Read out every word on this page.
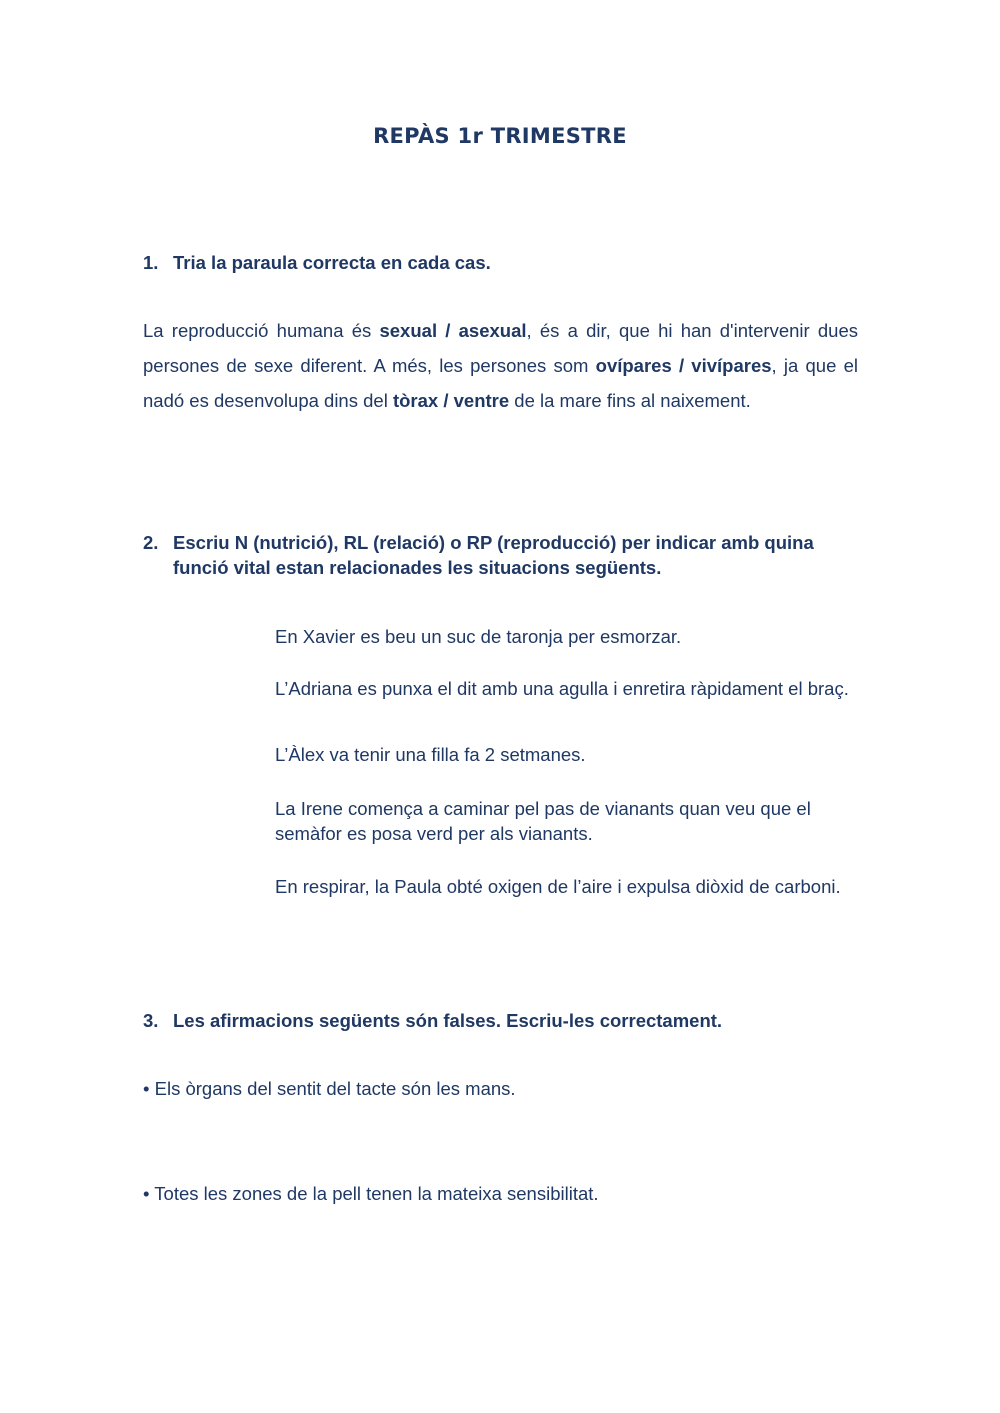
REPÀS 1r TRIMESTRE
1. Tria la paraula correcta en cada cas.
La reproducció humana és sexual / asexual, és a dir, que hi han d'intervenir dues persones de sexe diferent. A més, les persones som ovípares / vivípares, ja que el nadó es desenvolupa dins del tòrax / ventre de la mare fins al naixement.
2. Escriu N (nutrició), RL (relació) o RP (reproducció) per indicar amb quina funció vital estan relacionades les situacions següents.
En Xavier es beu un suc de taronja per esmorzar.
L’Adriana es punxa el dit amb una agulla i enretira ràpidament el braç.
L’Àlex va tenir una filla fa 2 setmanes.
La Irene comença a caminar pel pas de vianants quan veu que el semàfor es posa verd per als vianants.
En respirar, la Paula obté oxigen de l’aire i expulsa diòxid de carboni.
3. Les afirmacions següents són falses. Escriu-les correctament.
• Els òrgans del sentit del tacte són les mans.
• Totes les zones de la pell tenen la mateixa sensibilitat.
